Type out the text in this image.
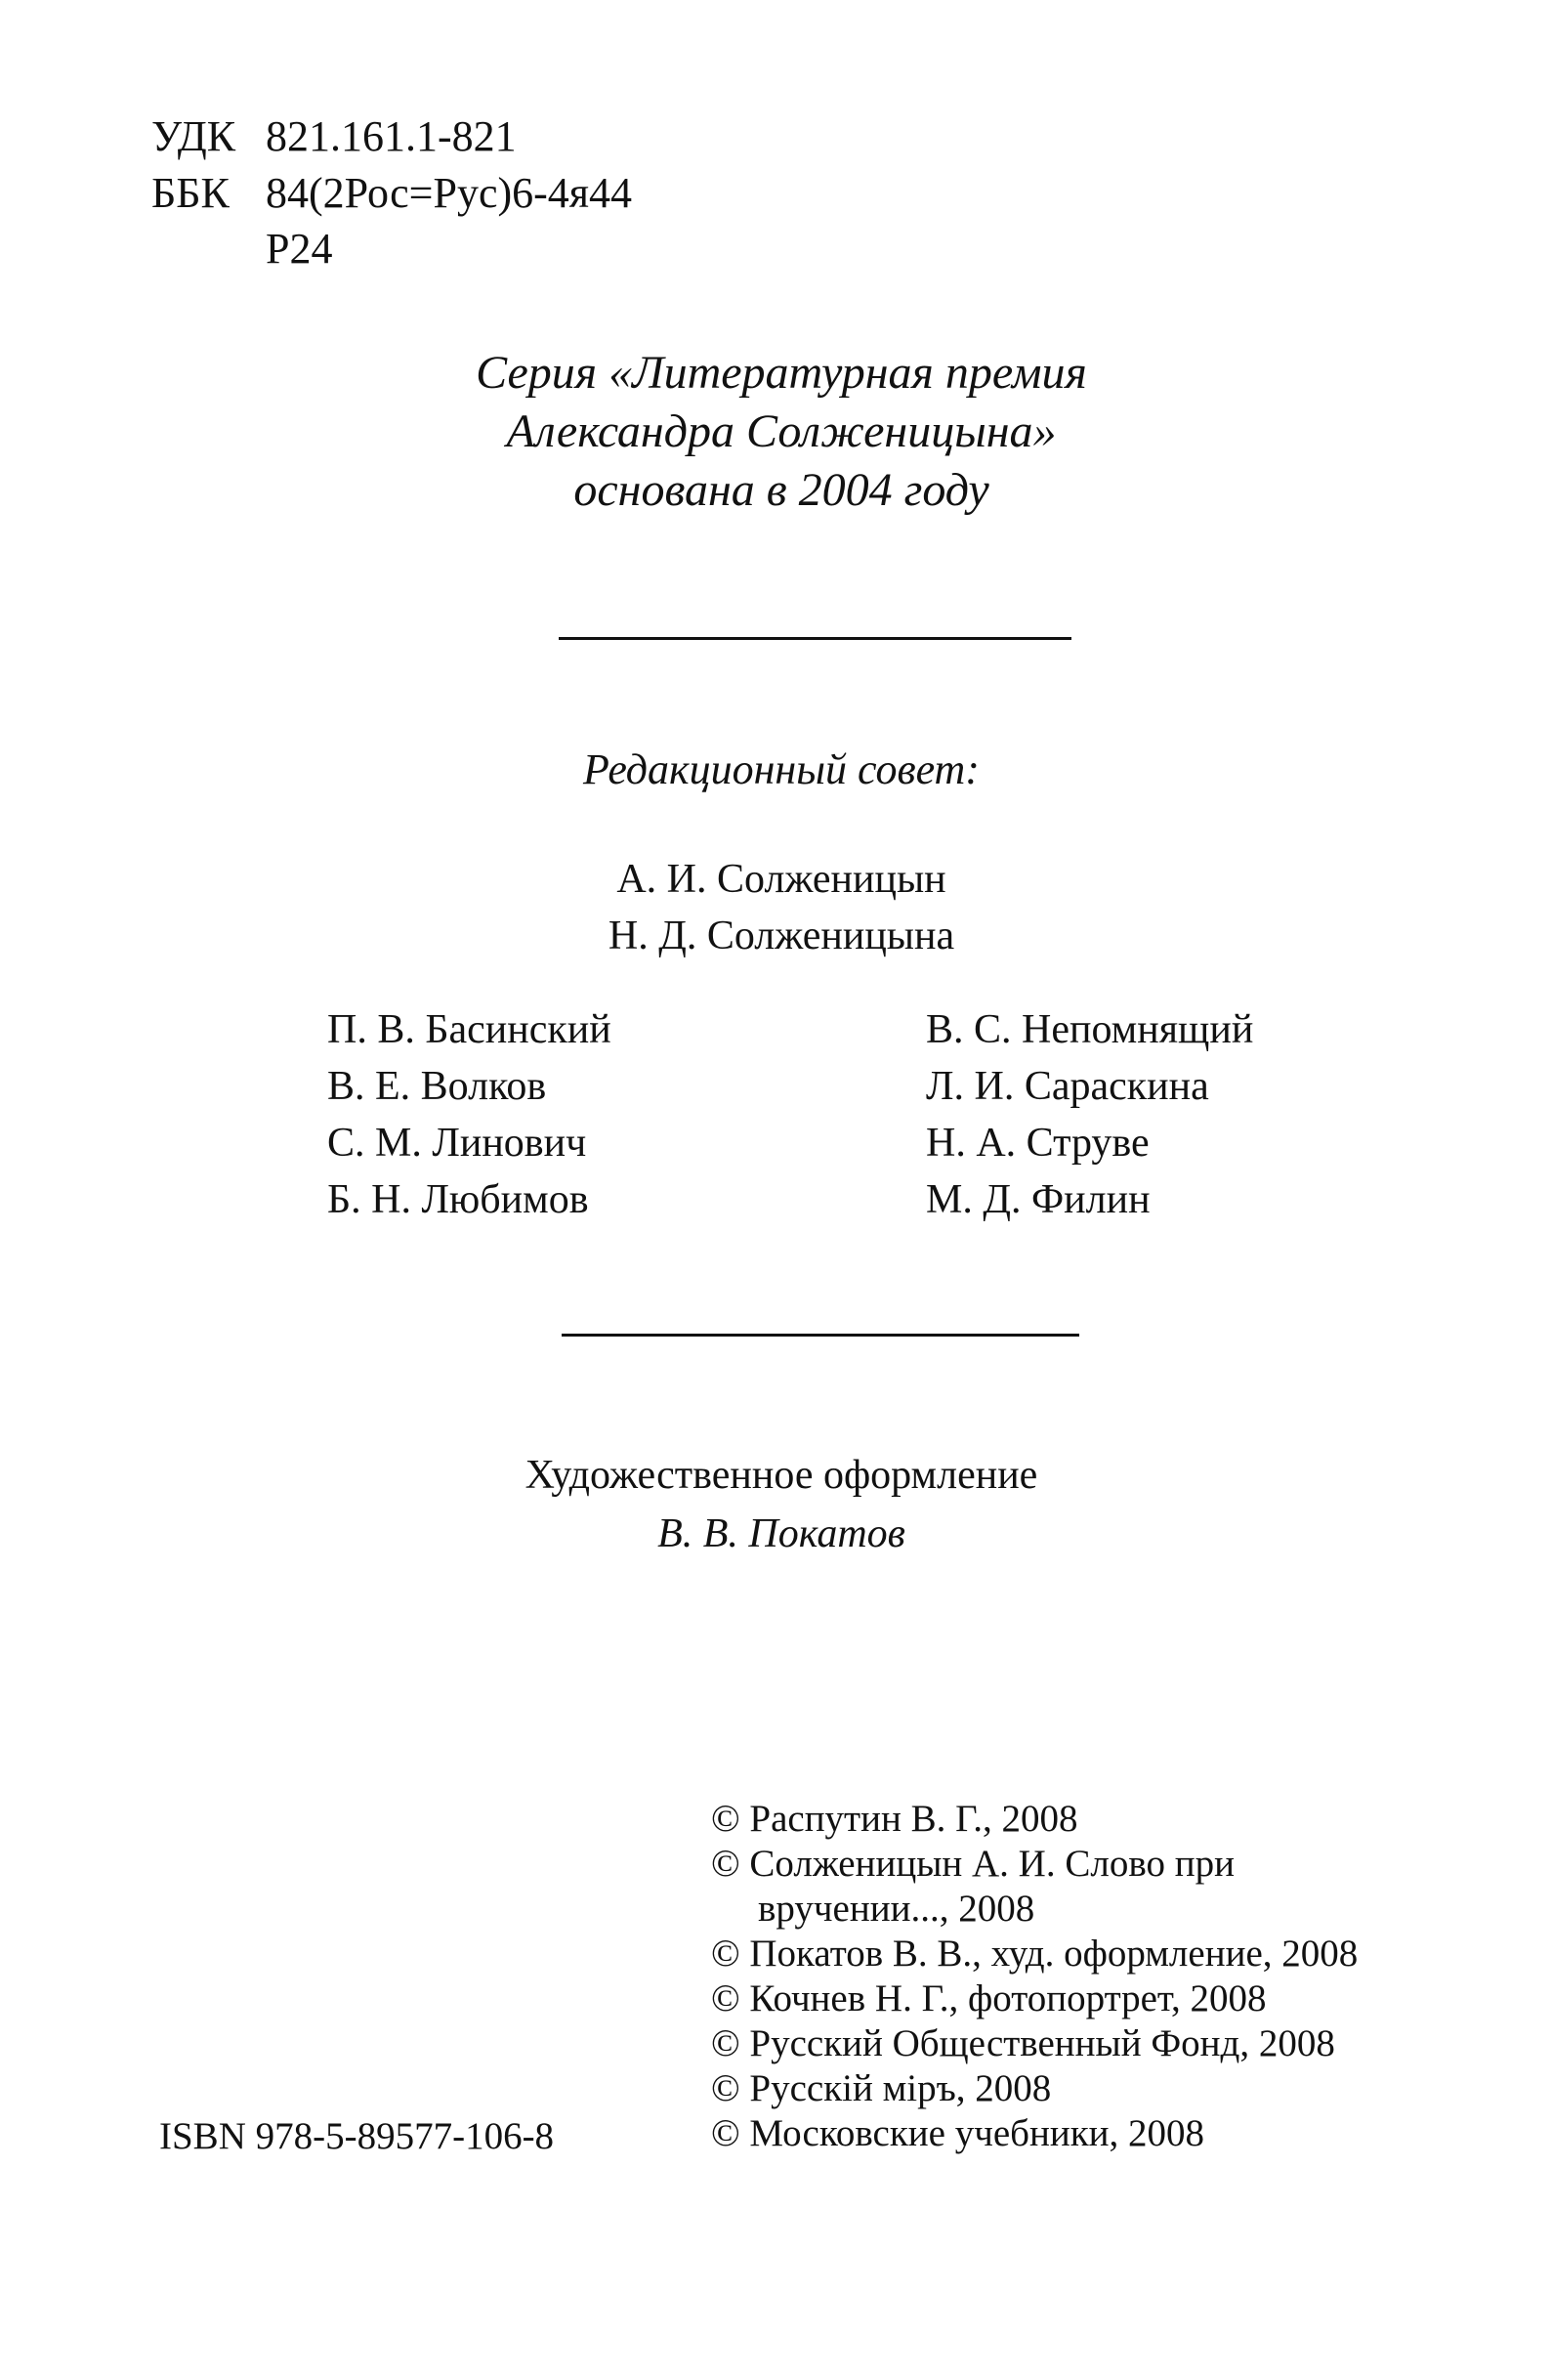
УДК 821.161.1-821
ББК 84(2Рос=Рус)6-4я44
Р24
Серия «Литературная премия
Александра Солженицына»
основана в 2004 году
Редакционный совет:
А. И. Солженицын
Н. Д. Солженицына
П. В. Басинский
В. Е. Волков
С. М. Линович
Б. Н. Любимов
В. С. Непомнящий
Л. И. Сараскина
Н. А. Струве
М. Д. Филин
Художественное оформление
В. В. Покатов
© Распутин В. Г., 2008
© Солженицын А. И. Слово при
вручении..., 2008
© Покатов В. В., худ. оформление, 2008
© Кочнев Н. Г., фотопортрет, 2008
© Русский Общественный Фонд, 2008
© Русскій міръ, 2008
© Московские учебники, 2008
ISBN 978-5-89577-106-8
